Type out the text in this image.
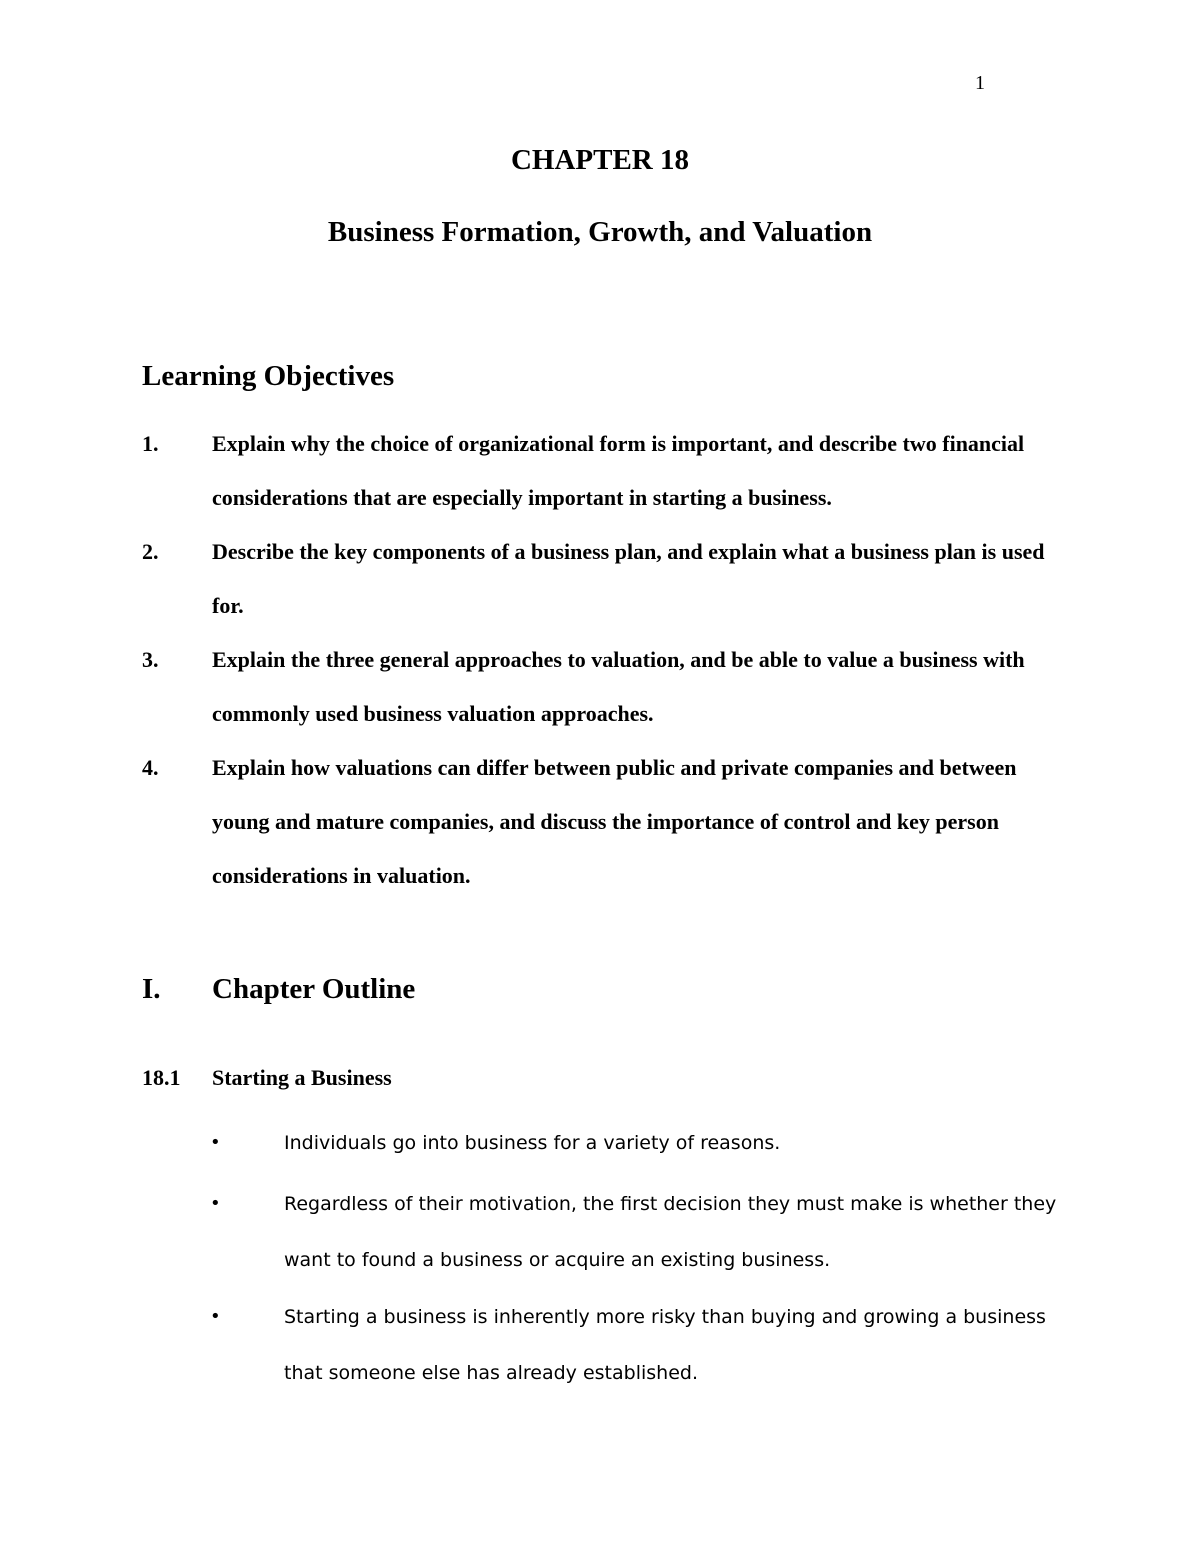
1
CHAPTER 18
Business Formation, Growth, and Valuation
Learning Objectives
1. Explain why the choice of organizational form is important, and describe two financial considerations that are especially important in starting a business.
2. Describe the key components of a business plan, and explain what a business plan is used for.
3. Explain the three general approaches to valuation, and be able to value a business with commonly used business valuation approaches.
4. Explain how valuations can differ between public and private companies and between young and mature companies, and discuss the importance of control and key person considerations in valuation.
I. Chapter Outline
18.1 Starting a Business
•	Individuals go into business for a variety of reasons.
•	Regardless of their motivation, the first decision they must make is whether they want to found a business or acquire an existing business.
•	Starting a business is inherently more risky than buying and growing a business that someone else has already established.
